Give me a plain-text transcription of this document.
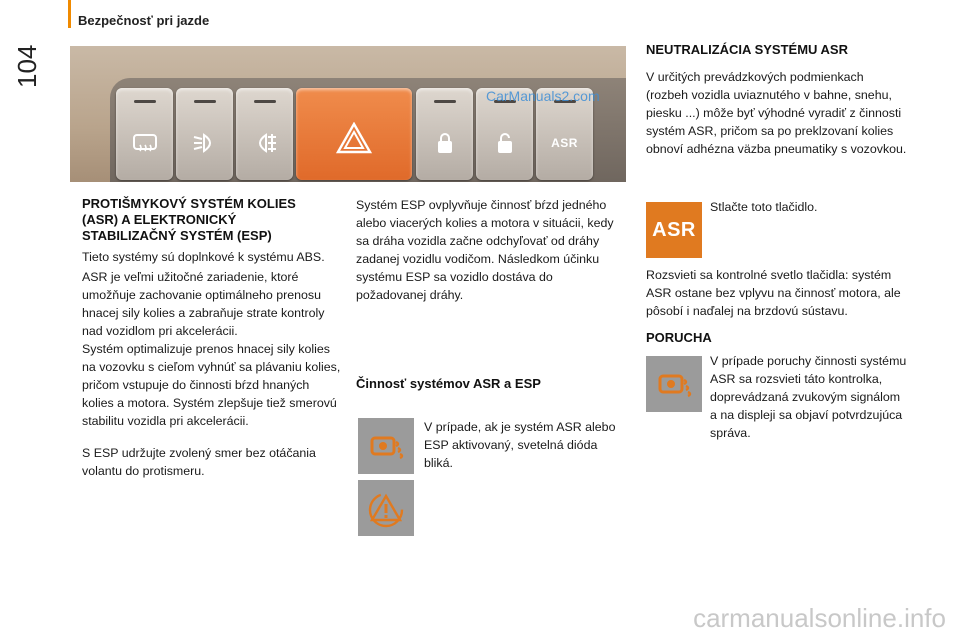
Bezpečnosť pri jazde
104
ASR
CarManuals2.com
PROTIŠMYKOVÝ SYSTÉM KOLIES (ASR) A ELEKTRONICKÝ STABILIZAČNÝ SYSTÉM (ESP)

Tieto systémy sú doplnkové k systému ABS.

ASR je veľmi užitočné zariadenie, ktoré umožňuje zachovanie optimálneho prenosu hnacej sily kolies a zabraňuje strate kontroly nad vozidlom pri akcelerácii.

Systém optimalizuje prenos hnacej sily kolies na vozovku s cieľom vyhnúť sa plávaniu kolies, pričom vstupuje do činnosti bŕzd hnaných kolies a motora. Systém zlepšuje tiež smerovú stabilitu vozidla pri akcelerácii.

S ESP udržujte zvolený smer bez otáčania volantu do protismeru.

Systém ESP ovplyvňuje činnosť bŕzd jedného alebo viacerých kolies a motora v situácii, kedy sa dráha vozidla začne odchyľovať od dráhy zadanej vozidlu vodičom. Následkom účinku systému ESP sa vozidlo dostáva do požadovanej dráhy.

Činnosť systémov ASR a ESP

V prípade, ak je systém ASR alebo ESP aktivovaný, svetelná dióda bliká.

NEUTRALIZÁCIA SYSTÉMU ASR

V určitých prevádzkových podmienkach (rozbeh vozidla uviaznutého v bahne, snehu, piesku ...) môže byť výhodné vyradiť z činnosti systém ASR, pričom sa po preklzovaní kolies obnoví adhézna väzba pneumatiky s vozovkou.

ASR

Stlačte toto tlačidlo.

Rozsvieti sa kontrolné svetlo tlačidla: systém ASR ostane bez vplyvu na činnosť motora, ale pôsobí i naďalej na brzdovú sústavu.

PORUCHA

V prípade poruchy činnosti systému ASR sa rozsvieti táto kontrolka, doprevádzaná zvukovým signálom a na displeji sa objaví potvrdzujúca správa.

carmanualsonline.info
